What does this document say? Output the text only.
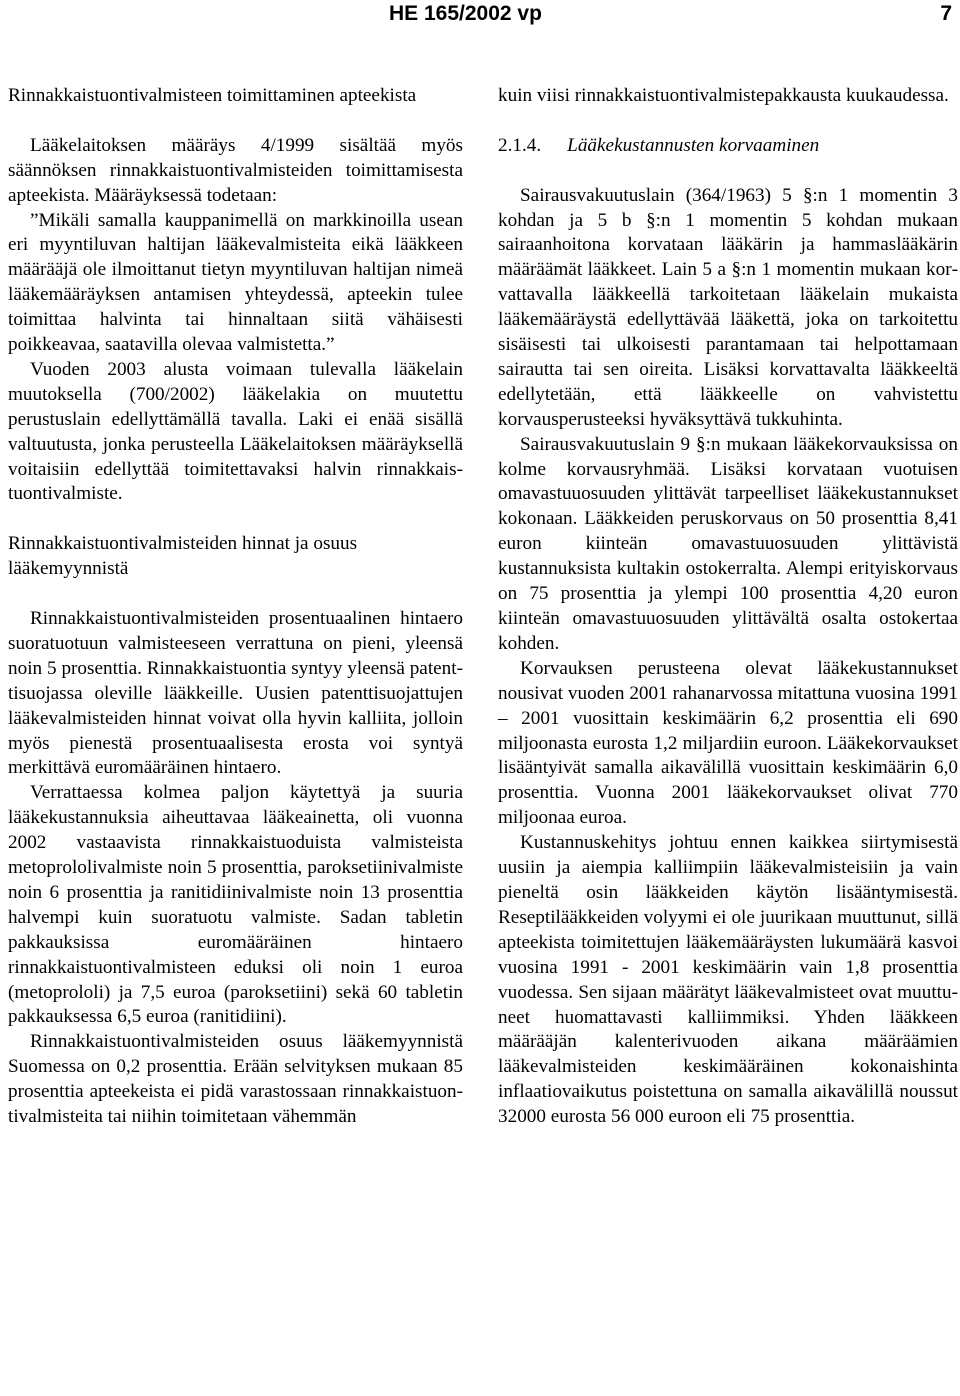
HE 165/2002 vp	7

Rinnakkaistuontivalmisteen toimittaminen apteekista

Lääkelaitoksen määräys 4/1999 sisältää myös säännöksen rinnakkaistuontivalmisteiden toimittamisesta apteekista. Määräyksessä todetaan:

”Mikäli samalla kauppanimellä on markkinoilla usean eri myyntiluvan haltijan lääkevalmisteita eikä lääkkeen määrääjä ole ilmoittanut tietyn myyntiluvan haltijan nimeä lääkemääräyksen antamisen yhteydessä, apteekin tulee toimittaa halvinta tai hinnaltaan siitä vähäisesti poikkeavaa, saatavilla olevaa valmistetta.”

Vuoden 2003 alusta voimaan tulevalla lääkelain muutoksella (700/2002) lääkelakia on muutettu perustuslain edellyttämällä tavalla. Laki ei enää sisällä valtuutusta, jonka perusteella Lääkelaitoksen määräyksellä voitaisiin edellyttää toimitettavaksi halvin rinnakkaistuontivalmiste.

Rinnakkaistuontivalmisteiden hinnat ja osuus lääkemyynnistä

Rinnakkaistuontivalmisteiden prosentuaalinen hintaero suoratuotuun valmisteeseen verrattuna on pieni, yleensä noin 5 prosenttia. Rinnakkaistuontia syntyy yleensä patenttisuojassa oleville lääkkeille. Uusien patenttisuojattujen lääkevalmisteiden hinnat voivat olla hyvin kalliita, jolloin myös pienestä prosentuaalisesta erosta voi syntyä merkittävä euromääräinen hintaero.

Verrattaessa kolmea paljon käytettyä ja suuria lääkekustannuksia aiheuttavaa lääkeainetta, oli vuonna 2002 vastaavista rinnakkaistuoduista valmisteista metoprololivalmiste noin 5 prosenttia, paroksetiinivalmiste noin 6 prosenttia ja ranitidiinivalmiste noin 13 prosenttia halvempi kuin suoratuotu valmiste. Sadan tabletin pakkauksissa euromääräinen hintaero rinnakkaistuontivalmisteen eduksi oli noin 1 euroa (metoprololi) ja 7,5 euroa (paroksetiini) sekä 60 tabletin pakkauksessa 6,5 euroa (ranitidiini).

Rinnakkaistuontivalmisteiden osuus lääkemyynnistä Suomessa on 0,2 prosenttia. Erään selvityksen mukaan 85 prosenttia apteekeista ei pidä varastossaan rinnakkaistuontivalmisteita tai niihin toimitetaan vähemmän

kuin viisi rinnakkaistuontivalmistepakkausta kuukaudessa.

2.1.4. Lääkekustannusten korvaaminen

Sairausvakuutuslain (364/1963) 5 §:n 1 momentin 3 kohdan ja 5 b §:n 1 momentin 5 kohdan mukaan sairaanhoitona korvataan lääkärin ja hammaslääkärin määräämät lääkkeet. Lain 5 a §:n 1 momentin mukaan korvattavalla lääkkeellä tarkoitetaan lääkelain mukaista lääkemääräystä edellyttävää lääkettä, joka on tarkoitettu sisäisesti tai ulkoisesti parantamaan tai helpottamaan sairautta tai sen oireita. Lisäksi korvattavalta lääkkeeltä edellytetään, että lääkkeelle on vahvistettu korvausperusteeksi hyväksyttävä tukkuhinta.

Sairausvakuutuslain 9 §:n mukaan lääkekorvauksissa on kolme korvausryhmää. Lisäksi korvataan vuotuisen omavastuuosuuden ylittävät tarpeelliset lääkekustannukset kokonaan. Lääkkeiden peruskorvaus on 50 prosenttia 8,41 euron kiinteän omavastuuosuuden ylittävistä kustannuksista kultakin ostokerralta. Alempi erityiskorvaus on 75 prosenttia ja ylempi 100 prosenttia 4,20 euron kiinteän omavastuuosuuden ylittävältä osalta ostokertaa kohden.

Korvauksen perusteena olevat lääkekustannukset nousivat vuoden 2001 rahanarvossa mitattuna vuosina 1991 – 2001 vuosittain keskimäärin 6,2 prosenttia eli 690 miljoonasta eurosta 1,2 miljardiin euroon. Lääkekorvaukset lisääntyivät samalla aikavälillä vuosittain keskimäärin 6,0 prosenttia. Vuonna 2001 lääkekorvaukset olivat 770 miljoonaa euroa.

Kustannuskehitys johtuu ennen kaikkea siirtymisestä uusiin ja aiempia kalliimpiin lääkevalmisteisiin ja vain pieneltä osin lääkkeiden käytön lisääntymisestä. Reseptilääkkeiden volyymi ei ole juurikaan muuttunut, sillä apteekista toimitettujen lääkemääräysten lukumäärä kasvoi vuosina 1991 - 2001 keskimäärin vain 1,8 prosenttia vuodessa. Sen sijaan määrätyt lääkevalmisteet ovat muuttuneet huomattavasti kalliimmiksi. Yhden lääkkeen määrääjän kalenterivuoden aikana määräämien lääkevalmisteiden keskimääräinen kokonaishinta inflaatiovaikutus poistettuna on samalla aikavälillä noussut 32000 eurosta 56 000 euroon eli 75 prosenttia.
